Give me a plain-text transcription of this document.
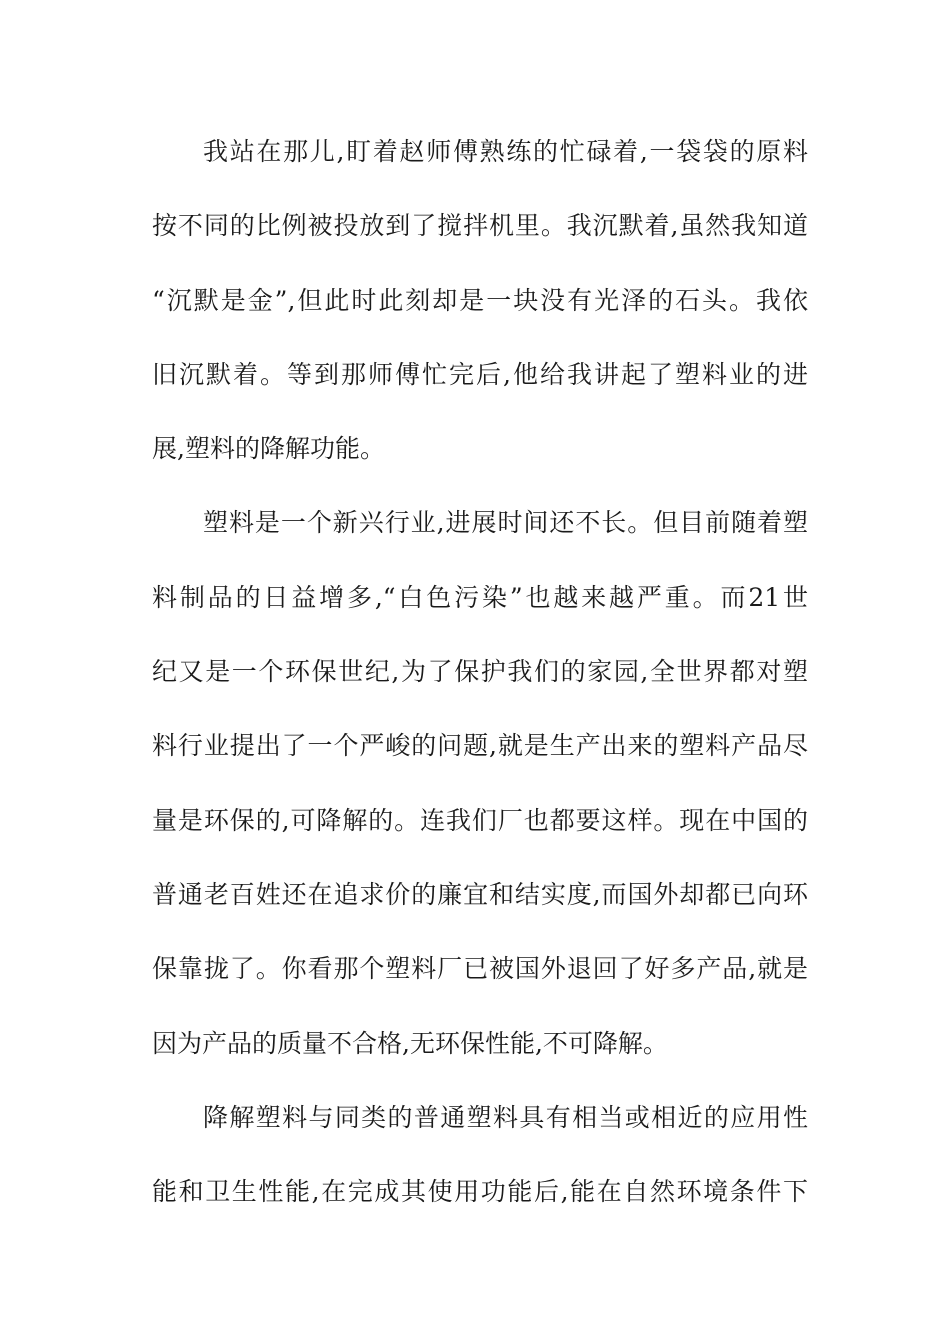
我站在那儿,盯着赵师傅熟练的忙碌着,一袋袋的原料
按不同的比例被投放到了搅拌机里。我沉默着,虽然我知道
“沉默是金”,但此时此刻却是一块没有光泽的石头。我依
旧沉默着。等到那师傅忙完后,他给我讲起了塑料业的进
展,塑料的降解功能。
塑料是一个新兴行业,进展时间还不长。但目前随着塑
料制品的日益增多,“白色污染”也越来越严重。而21世
纪又是一个环保世纪,为了保护我们的家园,全世界都对塑
料行业提出了一个严峻的问题,就是生产出来的塑料产品尽
量是环保的,可降解的。连我们厂也都要这样。现在中国的
普通老百姓还在追求价的廉宜和结实度,而国外却都已向环
保靠拢了。你看那个塑料厂已被国外退回了好多产品,就是
因为产品的质量不合格,无环保性能,不可降解。
降解塑料与同类的普通塑料具有相当或相近的应用性
能和卫生性能,在完成其使用功能后,能在自然环境条件下
